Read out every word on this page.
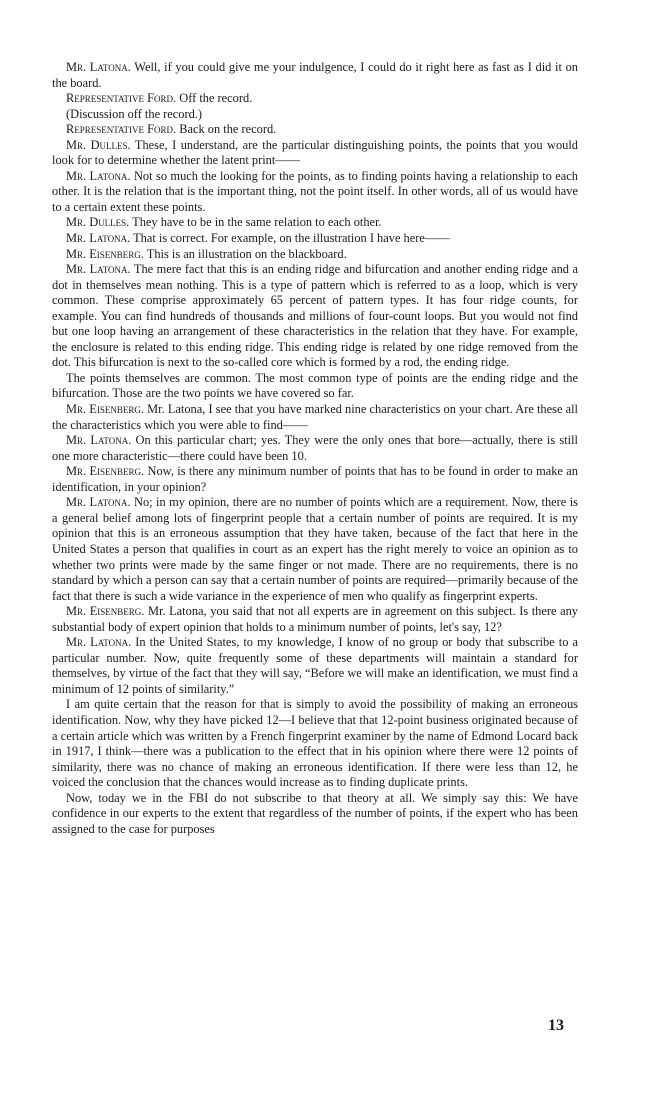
Mr. Latona. Well, if you could give me your indulgence, I could do it right here as fast as I did it on the board.

Representative Ford. Off the record.

(Discussion off the record.)

Representative Ford. Back on the record.

Mr. Dulles. These, I understand, are the particular distinguishing points, the points that you would look for to determine whether the latent print——

Mr. Latona. Not so much the looking for the points, as to finding points having a relationship to each other. It is the relation that is the important thing, not the point itself. In other words, all of us would have to a certain extent these points.

Mr. Dulles. They have to be in the same relation to each other.

Mr. Latona. That is correct. For example, on the illustration I have here——

Mr. Eisenberg. This is an illustration on the blackboard.

Mr. Latona. The mere fact that this is an ending ridge and bifurcation and another ending ridge and a dot in themselves mean nothing. This is a type of pattern which is referred to as a loop, which is very common. These comprise approximately 65 percent of pattern types. It has four ridge counts, for example. You can find hundreds of thousands and millions of four-count loops. But you would not find but one loop having an arrangement of these characteristics in the relation that they have. For example, the enclosure is related to this ending ridge. This ending ridge is related by one ridge removed from the dot. This bifurcation is next to the so-called core which is formed by a rod, the ending ridge.

The points themselves are common. The most common type of points are the ending ridge and the bifurcation. Those are the two points we have covered so far.

Mr. Eisenberg. Mr. Latona, I see that you have marked nine characteristics on your chart. Are these all the characteristics which you were able to find——

Mr. Latona. On this particular chart; yes. They were the only ones that bore—actually, there is still one more characteristic—there could have been 10.

Mr. Eisenberg. Now, is there any minimum number of points that has to be found in order to make an identification, in your opinion?

Mr. Latona. No; in my opinion, there are no number of points which are a requirement. Now, there is a general belief among lots of fingerprint people that a certain number of points are required. It is my opinion that this is an erroneous assumption that they have taken, because of the fact that here in the United States a person that qualifies in court as an expert has the right merely to voice an opinion as to whether two prints were made by the same finger or not made. There are no requirements, there is no standard by which a person can say that a certain number of points are required—primarily because of the fact that there is such a wide variance in the experience of men who qualify as fingerprint experts.

Mr. Eisenberg. Mr. Latona, you said that not all experts are in agreement on this subject. Is there any substantial body of expert opinion that holds to a minimum number of points, let's say, 12?

Mr. Latona. In the United States, to my knowledge, I know of no group or body that subscribe to a particular number. Now, quite frequently some of these departments will maintain a standard for themselves, by virtue of the fact that they will say, “Before we will make an identification, we must find a minimum of 12 points of similarity.”

I am quite certain that the reason for that is simply to avoid the possibility of making an erroneous identification. Now, why they have picked 12—I believe that that 12-point business originated because of a certain article which was written by a French fingerprint examiner by the name of Edmond Locard back in 1917, I think—there was a publication to the effect that in his opinion where there were 12 points of similarity, there was no chance of making an erroneous identification. If there were less than 12, he voiced the conclusion that the chances would increase as to finding duplicate prints.

Now, today we in the FBI do not subscribe to that theory at all. We simply say this: We have confidence in our experts to the extent that regardless of the number of points, if the expert who has been assigned to the case for purposes

13
